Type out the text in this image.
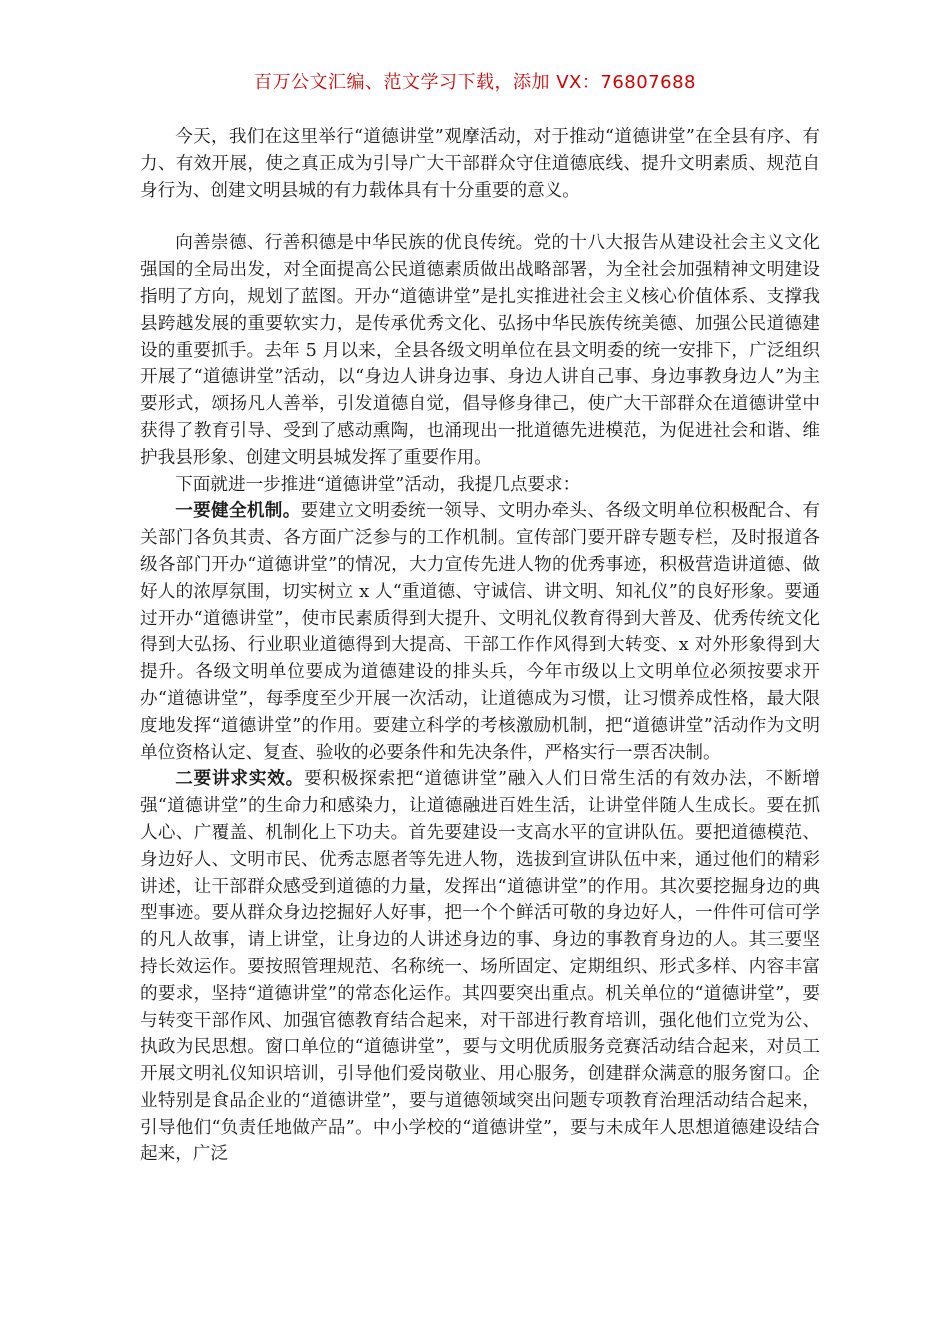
百万公文汇编、范文学习下载，添加 VX：76807688

今天，我们在这里举行“道德讲堂”观摩活动，对于推动“道德讲堂”在全县有序、有力、有效开展，使之真正成为引导广大干部群众守住道德底线、提升文明素质、规范自身行为、创建文明县城的有力载体具有十分重要的意义。

向善崇德、行善积德是中华民族的优良传统。党的十八大报告从建设社会主义文化强国的全局出发，对全面提高公民道德素质做出战略部署，为全社会加强精神文明建设指明了方向，规划了蓝图。开办“道德讲堂”是扎实推进社会主义核心价值体系、支撑我县跨越发展的重要软实力，是传承优秀文化、弘扬中华民族传统美德、加强公民道德建设的重要抓手。去年 5 月以来，全县各级文明单位在县文明委的统一安排下，广泛组织开展了“道德讲堂”活动，以“身边人讲身边事、身边人讲自己事、身边事教身边人”为主要形式，颂扬凡人善举，引发道德自觉，倡导修身律己，使广大干部群众在道德讲堂中获得了教育引导、受到了感动熏陶，也涌现出一批道德先进模范，为促进社会和谐、维护我县形象、创建文明县城发挥了重要作用。

下面就进一步推进“道德讲堂”活动，我提几点要求：

一要健全机制。要建立文明委统一领导、文明办牵头、各级文明单位积极配合、有关部门各负其责、各方面广泛参与的工作机制。宣传部门要开辟专题专栏，及时报道各级各部门开办“道德讲堂”的情况，大力宣传先进人物的优秀事迹，积极营造讲道德、做好人的浓厚氛围，切实树立 x 人“重道德、守诚信、讲文明、知礼仪”的良好形象。要通过开办“道德讲堂”，使市民素质得到大提升、文明礼仪教育得到大普及、优秀传统文化得到大弘扬、行业职业道德得到大提高、干部工作作风得到大转变、x 对外形象得到大提升。各级文明单位要成为道德建设的排头兵，今年市级以上文明单位必须按要求开办“道德讲堂”，每季度至少开展一次活动，让道德成为习惯，让习惯养成性格，最大限度地发挥“道德讲堂”的作用。要建立科学的考核激励机制，把“道德讲堂”活动作为文明单位资格认定、复查、验收的必要条件和先决条件，严格实行一票否决制。

二要讲求实效。要积极探索把“道德讲堂”融入人们日常生活的有效办法，不断增强“道德讲堂”的生命力和感染力，让道德融进百姓生活，让讲堂伴随人生成长。要在抓人心、广覆盖、机制化上下功夫。首先要建设一支高水平的宣讲队伍。要把道德模范、身边好人、文明市民、优秀志愿者等先进人物，选拔到宣讲队伍中来，通过他们的精彩讲述，让干部群众感受到道德的力量，发挥出“道德讲堂”的作用。其次要挖掘身边的典型事迹。要从群众身边挖掘好人好事，把一个个鲜活可敬的身边好人，一件件可信可学的凡人故事，请上讲堂，让身边的人讲述身边的事、身边的事教育身边的人。其三要坚持长效运作。要按照管理规范、名称统一、场所固定、定期组织、形式多样、内容丰富的要求，坚持“道德讲堂”的常态化运作。其四要突出重点。机关单位的“道德讲堂”，要与转变干部作风、加强官德教育结合起来，对干部进行教育培训，强化他们立党为公、执政为民思想。窗口单位的“道德讲堂”，要与文明优质服务竞赛活动结合起来，对员工开展文明礼仪知识培训，引导他们爱岗敬业、用心服务，创建群众满意的服务窗口。企业特别是食品企业的“道德讲堂”，要与道德领域突出问题专项教育治理活动结合起来，引导他们“负责任地做产品”。中小学校的“道德讲堂”，要与未成年人思想道德建设结合起来，广泛
